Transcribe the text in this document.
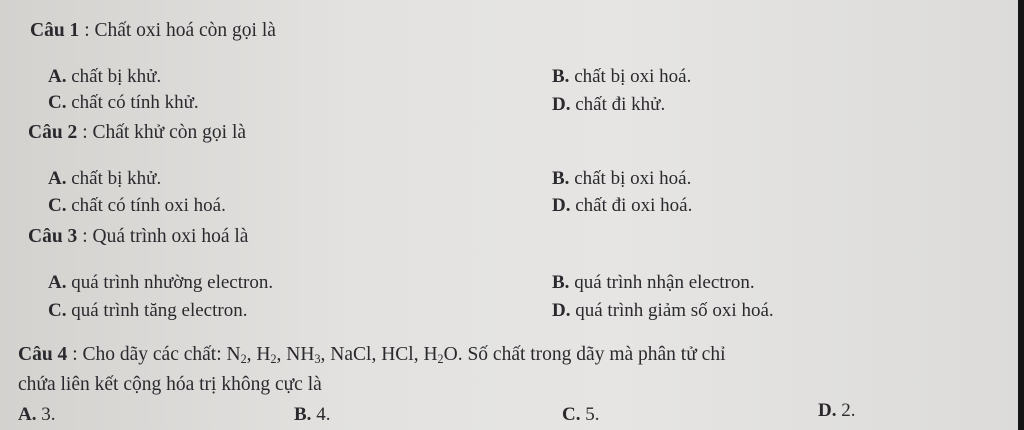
Câu 1 : Chất oxi hoá còn gọi là
A. chất bị khử.	B. chất bị oxi hoá.
C. chất có tính khử.	D. chất đi khử.
Câu 2 : Chất khử còn gọi là
A. chất bị khử.	B. chất bị oxi hoá.
C. chất có tính oxi hoá.	D. chất đi oxi hoá.
Câu 3 : Quá trình oxi hoá là
A. quá trình nhường electron.	B. quá trình nhận electron.
C. quá trình tăng electron.	D. quá trình giảm số oxi hoá.
Câu 4 : Cho dãy các chất: $N_2$, $H_2$, $NH_3$, NaCl, HCl, $H_2O$. Số chất trong dãy mà phân tử chỉ
chứa liên kết cộng hóa trị không cực là
A. 3.	B. 4.	C. 5.	D. 2.
